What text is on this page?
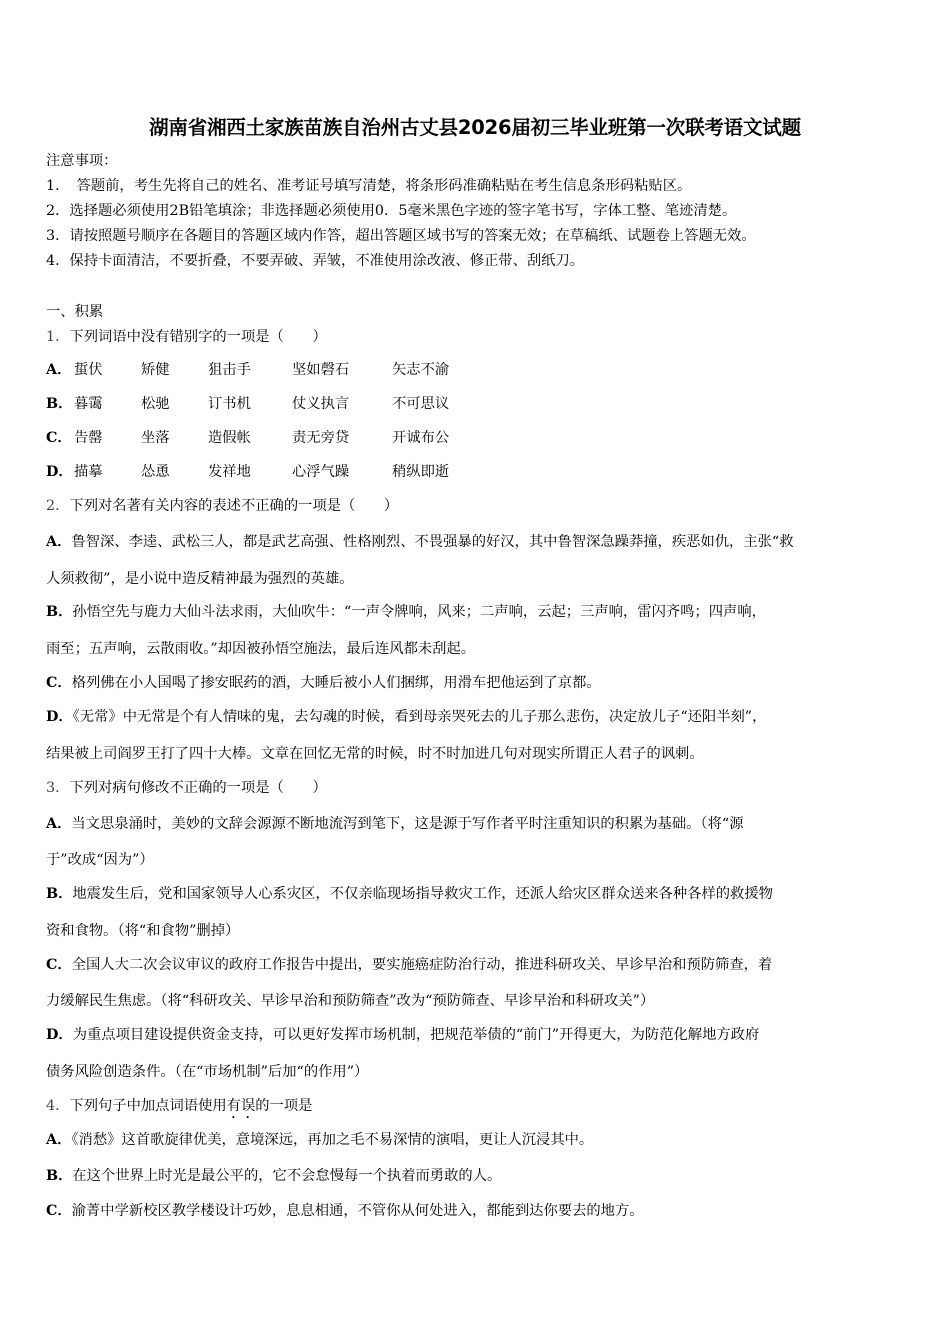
湖南省湘西土家族苗族自治州古丈县2026届初三毕业班第一次联考语文试题
注意事项：
1．　答题前，考生先将自己的姓名、准考证号填写清楚，将条形码准确粘贴在考生信息条形码粘贴区。
2．选择题必须使用2B铅笔填涂；非选择题必须使用0．5毫米黑色字迹的签字笔书写，字体工整、笔迹清楚。
3．请按照题号顺序在各题目的答题区域内作答，超出答题区域书写的答案无效；在草稿纸、试题卷上答题无效。
4．保持卡面清洁，不要折叠，不要弄破、弄皱，不准使用涂改液、修正带、刮纸刀。
一、积累
1．下列词语中没有错别字的一项是（　　）
A． 蜇伏	矫健	狙击手	坚如磬石	矢志不渝
B． 暮霭	松驰	订书机	仗义执言	不可思议
C． 告罄	坐落	造假帐	责无旁贷	开诚布公
D． 描摹	怂恿	发祥地	心浮气躁	稍纵即逝
2．下列对名著有关内容的表述不正确的一项是（　　）
A．鲁智深、李逵、武松三人，都是武艺高强、性格刚烈、不畏强暴的好汉，其中鲁智深急躁莽撞，疾恶如仇，主张“救
人须救彻”，是小说中造反精神最为强烈的英雄。
B．孙悟空先与鹿力大仙斗法求雨，大仙吹牛：“一声令牌响，风来；二声响，云起；三声响，雷闪齐鸣；四声响，
雨至；五声响，云散雨收。”却因被孙悟空施法，最后连风都未刮起。
C．格列佛在小人国喝了掺安眠药的酒，大睡后被小人们捆绑，用滑车把他运到了京都。
D．《无常》中无常是个有人情味的鬼，去勾魂的时候，看到母亲哭死去的儿子那么悲伤，决定放儿子“还阳半刻”，
结果被上司阎罗王打了四十大棒。文章在回忆无常的时候，时不时加进几句对现实所谓正人君子的讽刺。
3．下列对病句修改不正确的一项是（　　）
A．当文思泉涌时，美妙的文辞会源源不断地流泻到笔下，这是源于写作者平时注重知识的积累为基础。（将“源
于”改成“因为”）
B．地震发生后，党和国家领导人心系灾区，不仅亲临现场指导救灾工作，还派人给灾区群众送来各种各样的救援物
资和食物。（将“和食物”删掉）
C．全国人大二次会议审议的政府工作报告中提出，要实施癌症防治行动，推进科研攻关、早诊早治和预防筛查，着
力缓解民生焦虑。（将“科研攻关、早诊早治和预防筛查”改为“预防筛查、早诊早治和科研攻关”）
D．为重点项目建设提供资金支持，可以更好发挥市场机制，把规范举债的“前门”开得更大，为防范化解地方政府
债务风险创造条件。（在“市场机制”后加“的作用”）
4．下列句子中加点词语使用有误的一项是
A．《消愁》这首歌旋律优美，意境深远，再加之毛不易深情的演唱，更让人沉浸其中。
B．在这个世界上时光是最公平的，它不会怠慢每一个执着而勇敢的人。
C．渝菁中学新校区教学楼设计巧妙，息息相通，不管你从何处进入，都能到达你要去的地方。
